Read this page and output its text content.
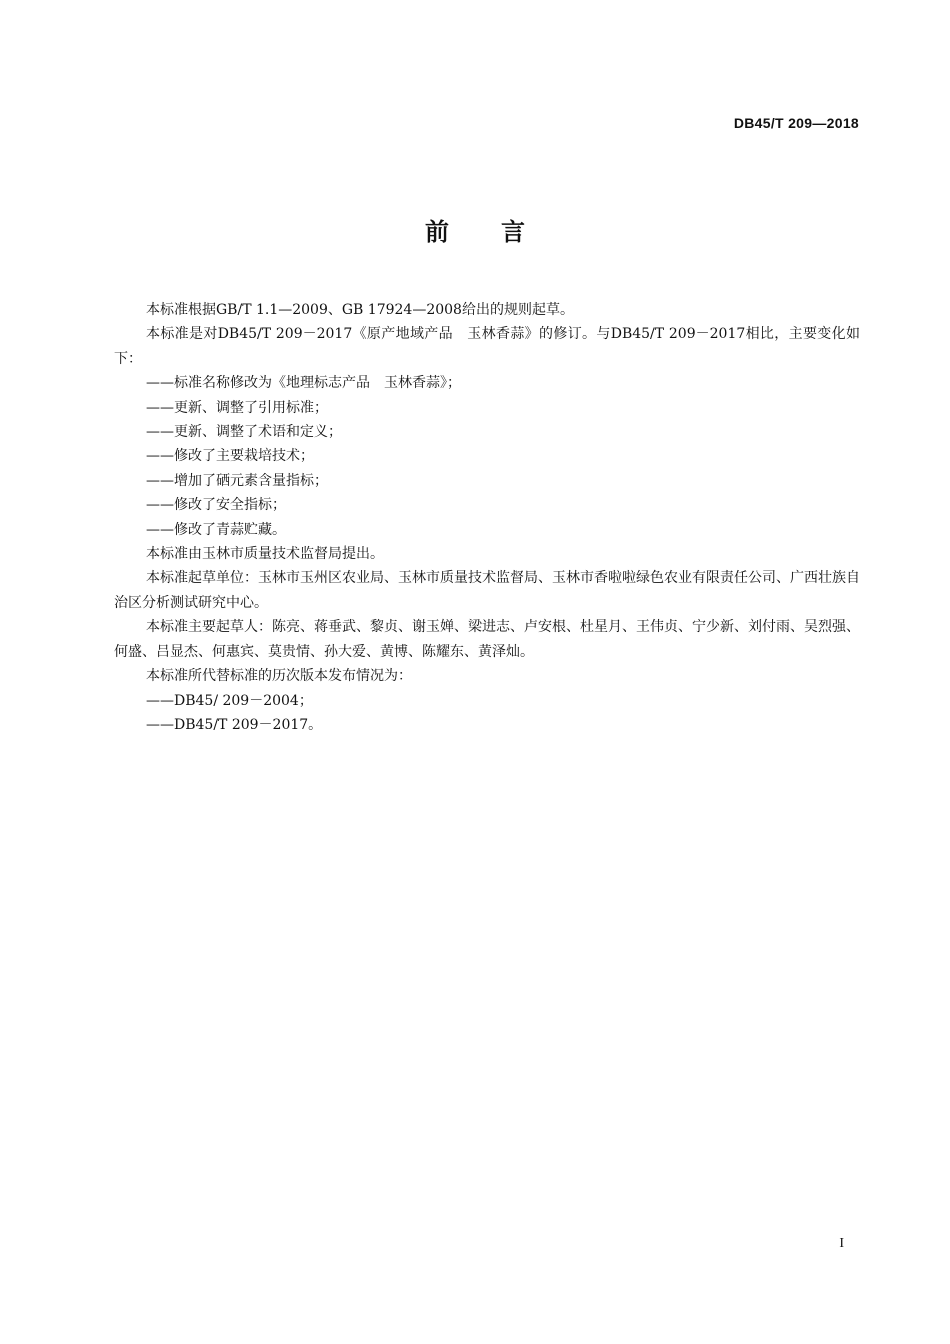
DB45/T 209—2018
前言

本标准根据GB/T 1.1—2009、GB 17924—2008给出的规则起草。

本标准是对DB45/T 209－2017《原产地域产品　玉林香蒜》的修订。与DB45/T 209－2017相比，主要变化如下：

——标准名称修改为《地理标志产品　玉林香蒜》；

——更新、调整了引用标准；

——更新、调整了术语和定义；

——修改了主要栽培技术；

——增加了硒元素含量指标；

——修改了安全指标；

——修改了青蒜贮藏。

本标准由玉林市质量技术监督局提出。

本标准起草单位：玉林市玉州区农业局、玉林市质量技术监督局、玉林市香啦啦绿色农业有限责任公司、广西壮族自治区分析测试研究中心。

本标准主要起草人：陈亮、蒋垂武、黎贞、谢玉婵、梁进志、卢安根、杜星月、王伟贞、宁少新、刘付雨、吴烈强、何盛、吕显杰、何惠宾、莫贵情、孙大爱、黄博、陈耀东、黄泽灿。

本标准所代替标准的历次版本发布情况为：

——DB45/ 209－2004；

——DB45/T 209－2017。

I
